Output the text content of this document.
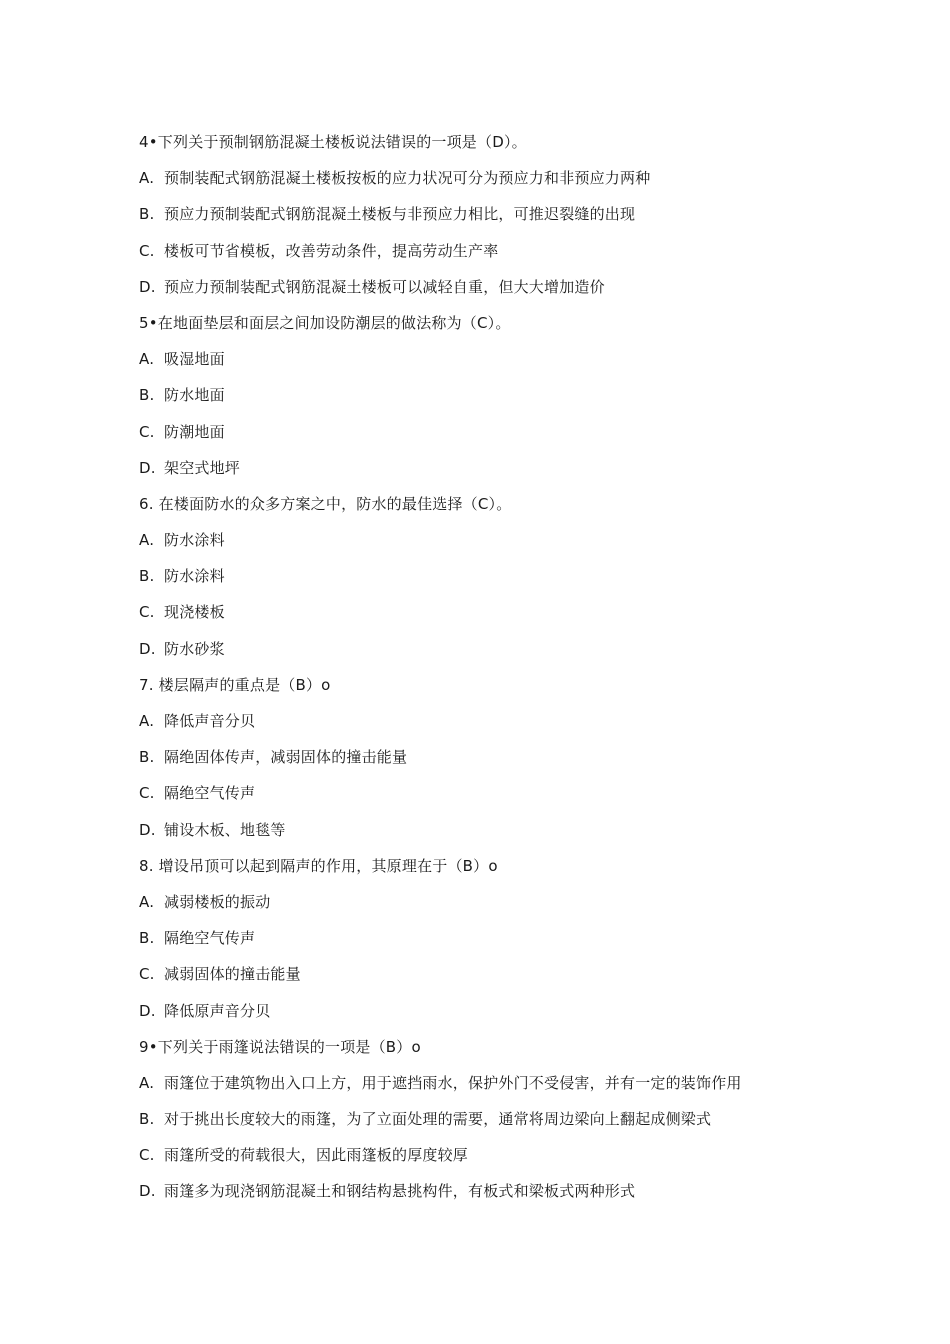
4•下列关于预制钢筋混凝土楼板说法错误的一项是（D）。
A. 预制装配式钢筋混凝土楼板按板的应力状况可分为预应力和非预应力两种
B. 预应力预制装配式钢筋混凝土楼板与非预应力相比，可推迟裂缝的出现
C. 楼板可节省模板，改善劳动条件，提高劳动生产率
D. 预应力预制装配式钢筋混凝土楼板可以减轻自重，但大大增加造价
5•在地面垫层和面层之间加设防潮层的做法称为（C）。
A. 吸湿地面
B. 防水地面
C. 防潮地面
D. 架空式地坪
6. 在楼面防水的众多方案之中，防水的最佳选择（C）。
A. 防水涂料
B. 防水涂料
C. 现浇楼板
D. 防水砂浆
7. 楼层隔声的重点是（B）o
A. 降低声音分贝
B. 隔绝固体传声，减弱固体的撞击能量
C. 隔绝空气传声
D. 铺设木板、地毯等
8. 增设吊顶可以起到隔声的作用，其原理在于（B）o
A. 减弱楼板的振动
B. 隔绝空气传声
C. 减弱固体的撞击能量
D. 降低原声音分贝
9•下列关于雨篷说法错误的一项是（B）o
A. 雨篷位于建筑物出入口上方，用于遮挡雨水，保护外门不受侵害，并有一定的装饰作用
B. 对于挑出长度较大的雨篷，为了立面处理的需要，通常将周边梁向上翻起成侧梁式
C. 雨篷所受的荷载很大，因此雨篷板的厚度较厚
D. 雨篷多为现浇钢筋混凝土和钢结构悬挑构件，有板式和梁板式两种形式
